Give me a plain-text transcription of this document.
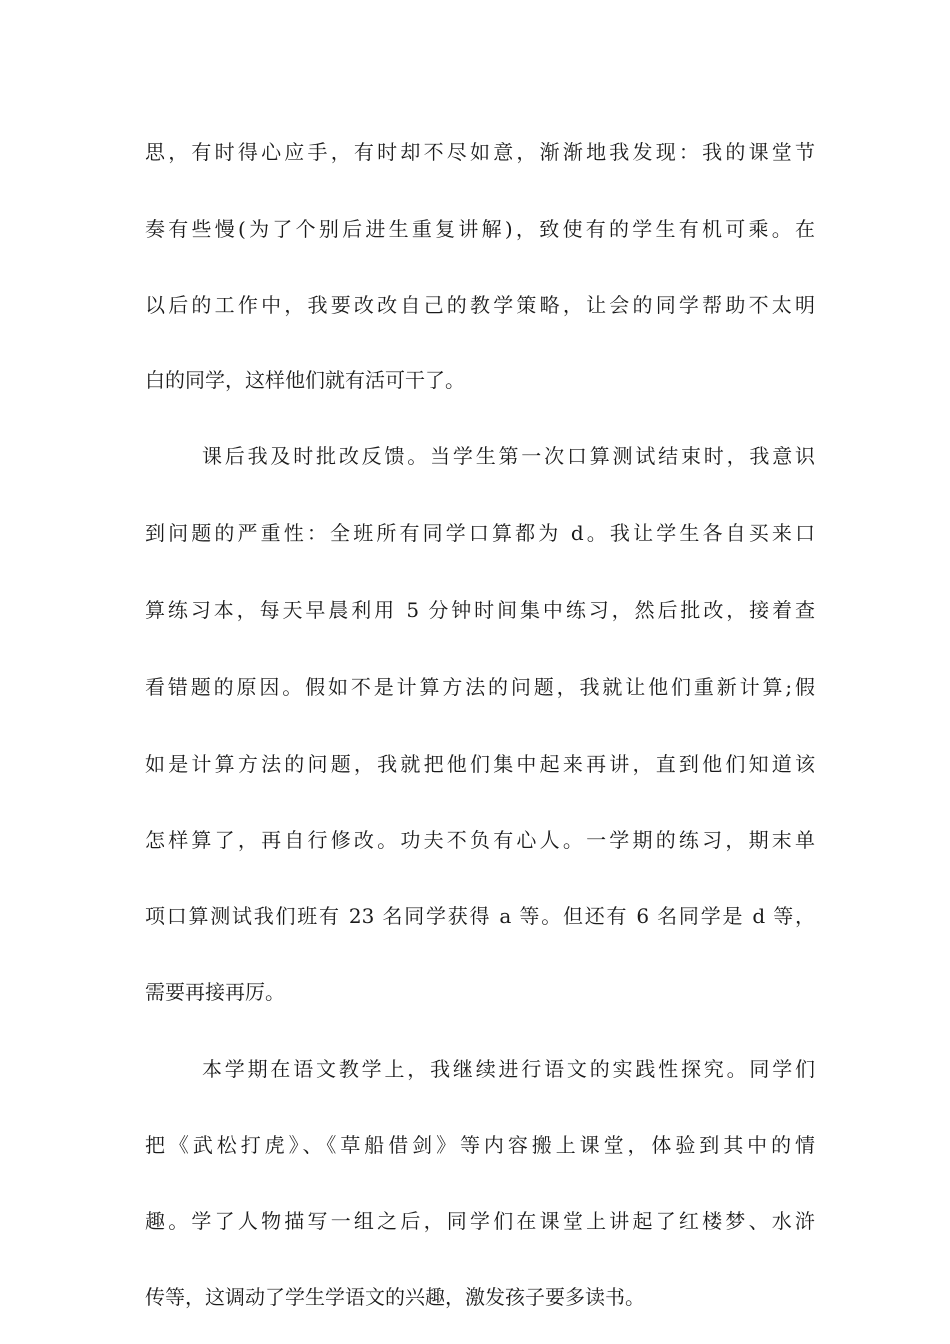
思，有时得心应手，有时却不尽如意，渐渐地我发现：我的课堂节
奏有些慢(为了个别后进生重复讲解)，致使有的学生有机可乘。在
以后的工作中，我要改改自己的教学策略，让会的同学帮助不太明
白的同学，这样他们就有活可干了。
课后我及时批改反馈。当学生第一次口算测试结束时，我意识
到问题的严重性：全班所有同学口算都为 d。我让学生各自买来口
算练习本，每天早晨利用 5 分钟时间集中练习，然后批改，接着查
看错题的原因。假如不是计算方法的问题，我就让他们重新计算;假
如是计算方法的问题，我就把他们集中起来再讲，直到他们知道该
怎样算了，再自行修改。功夫不负有心人。一学期的练习，期末单
项口算测试我们班有 23 名同学获得 a 等。但还有 6 名同学是 d 等，
需要再接再厉。
本学期在语文教学上，我继续进行语文的实践性探究。同学们
把《武松打虎》、《草船借剑》等内容搬上课堂，体验到其中的情
趣。学了人物描写一组之后，同学们在课堂上讲起了红楼梦、水浒
传等，这调动了学生学语文的兴趣，激发孩子要多读书。
